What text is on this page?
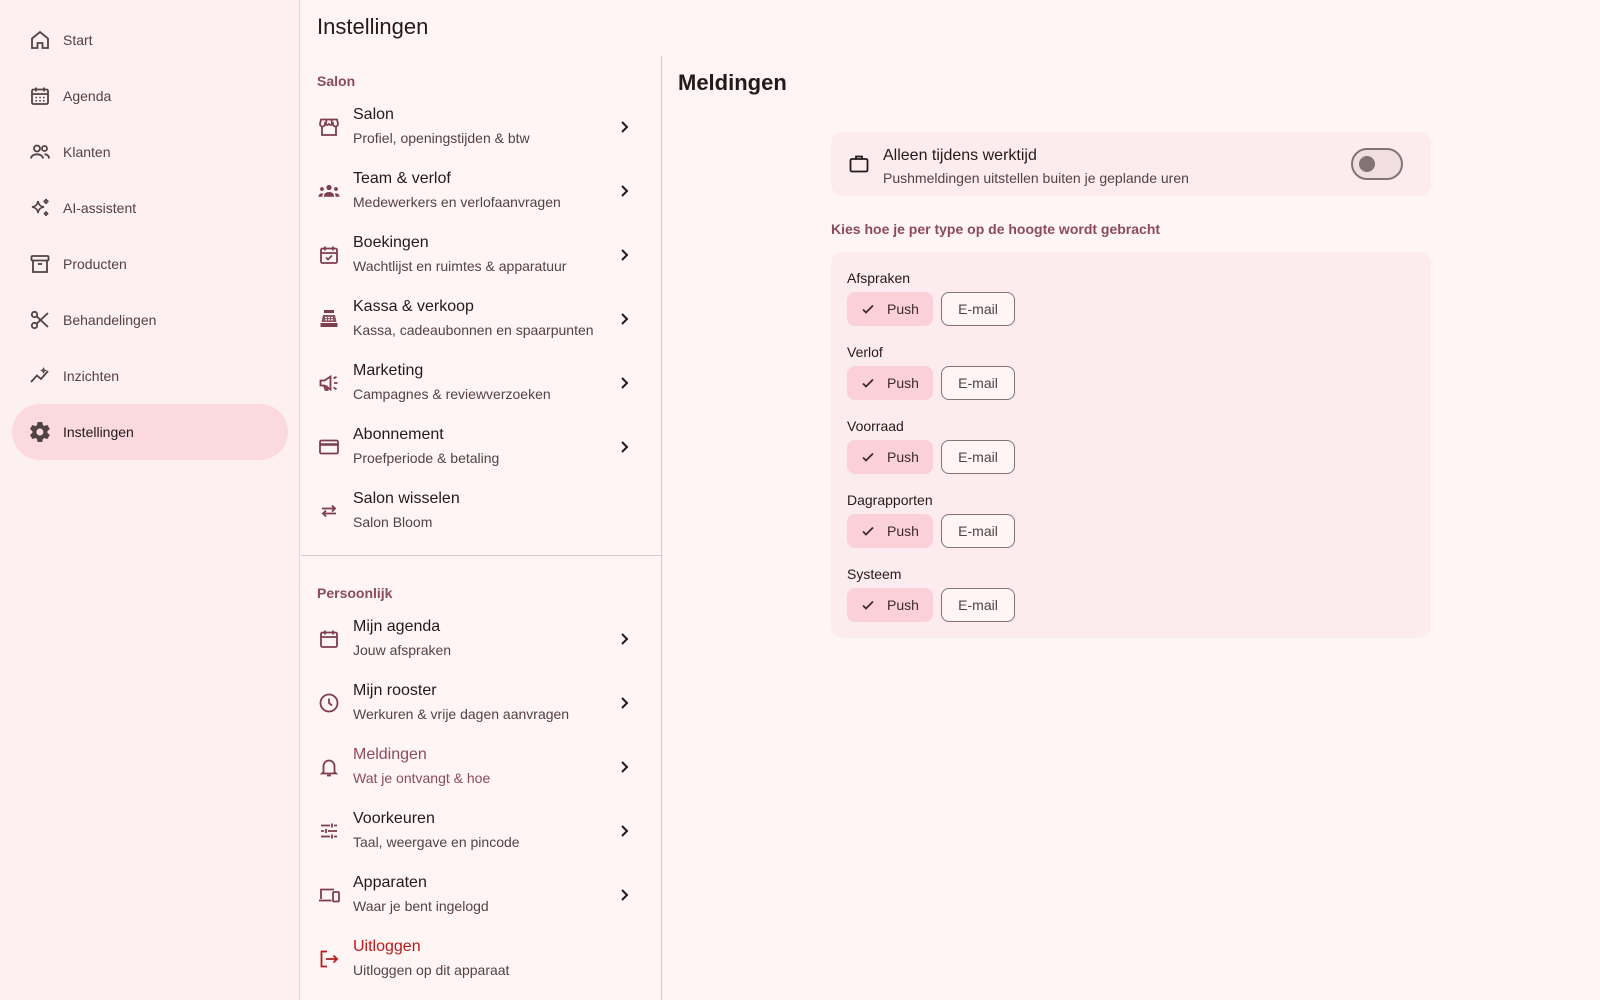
Start
Agenda
Klanten
AI-assistent
Producten
Behandelingen
Inzichten
Instellingen
Instellingen
Salon
Salon
Profiel, openingstijden & btw
Team & verlof
Medewerkers en verlofaanvragen
Boekingen
Wachtlijst en ruimtes & apparatuur
Kassa & verkoop
Kassa, cadeaubonnen en spaarpunten
Marketing
Campagnes & reviewverzoeken
Abonnement
Proefperiode & betaling
Salon wisselen
Salon Bloom
Persoonlijk
Mijn agenda
Jouw afspraken
Mijn rooster
Werkuren & vrije dagen aanvragen
Meldingen
Wat je ontvangt & hoe
Voorkeuren
Taal, weergave en pincode
Apparaten
Waar je bent ingelogd
Uitloggen
Uitloggen op dit apparaat
Meldingen
Alleen tijdens werktijd
Pushmeldingen uitstellen buiten je geplande uren
Kies hoe je per type op de hoogte wordt gebracht
Afspraken
Push	E-mail
Verlof
Push	E-mail
Voorraad
Push	E-mail
Dagrapporten
Push	E-mail
Systeem
Push	E-mail
